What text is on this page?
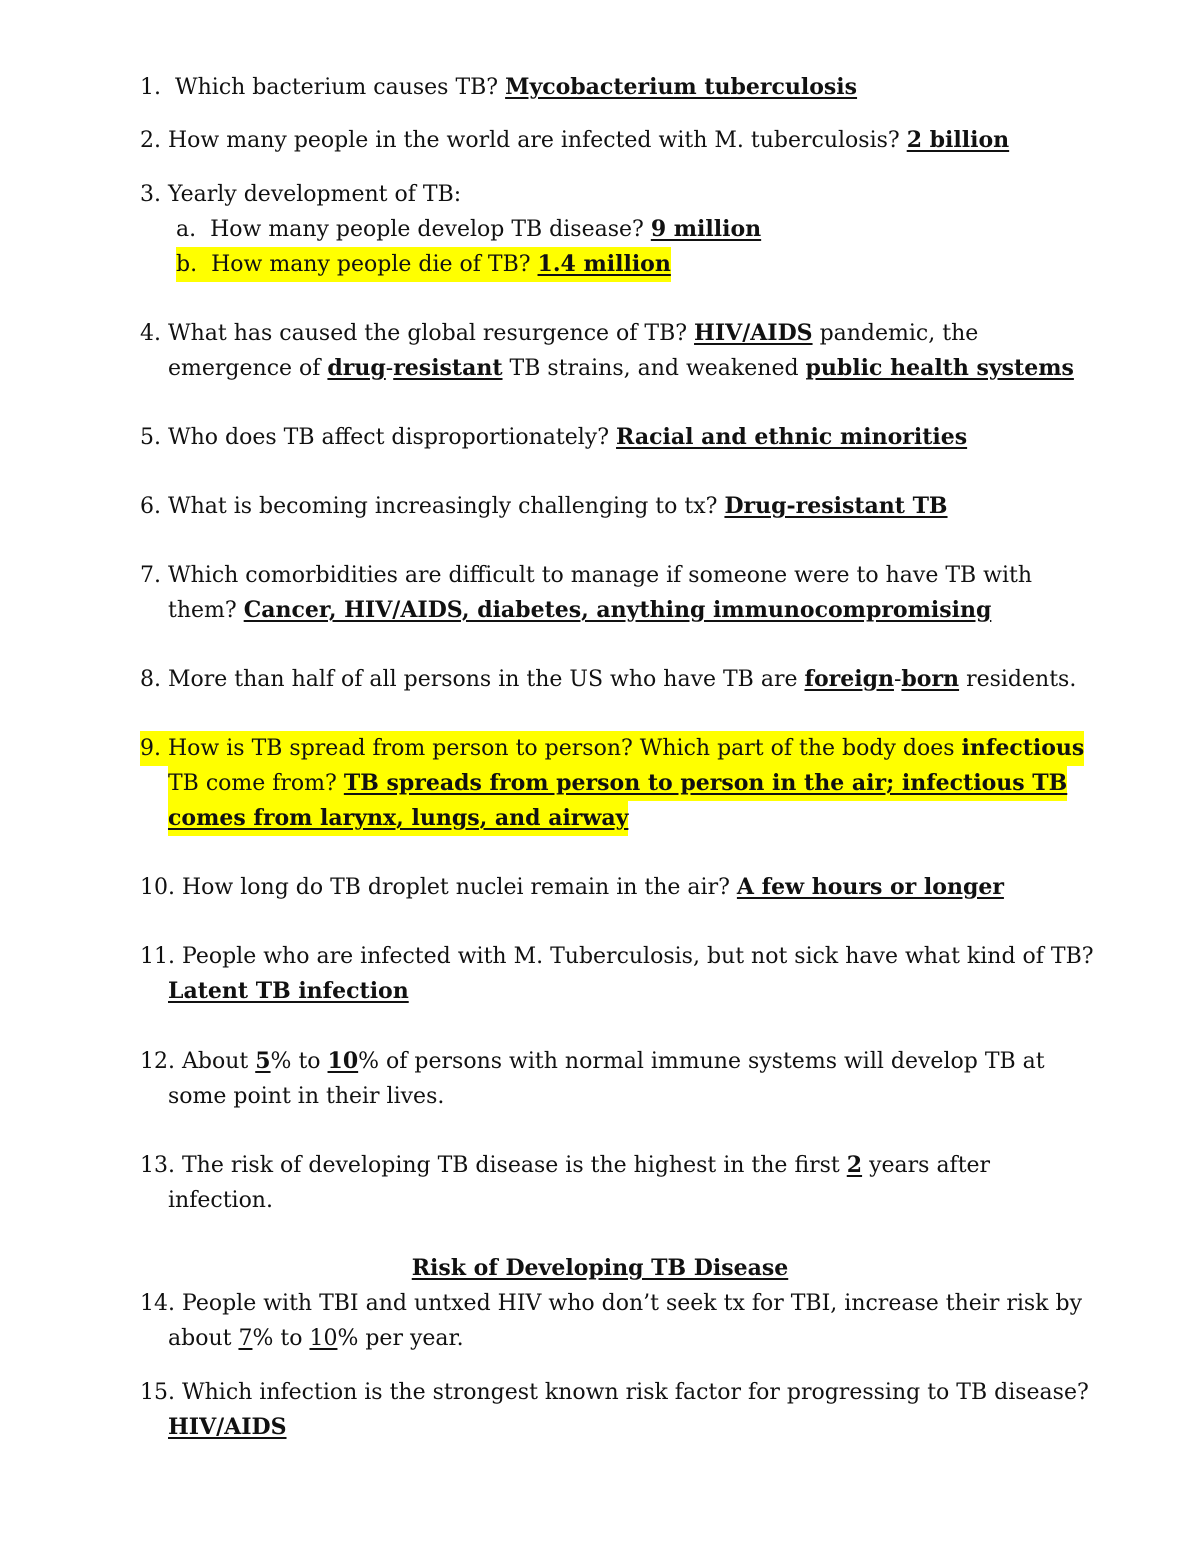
1. Which bacterium causes TB? Mycobacterium tuberculosis
2. How many people in the world are infected with M. tuberculosis? 2 billion
3. Yearly development of TB:
a. How many people develop TB disease? 9 million
b. How many people die of TB? 1.4 million
4. What has caused the global resurgence of TB? HIV/AIDS pandemic, the
emergence of drug-resistant TB strains, and weakened public health systems
5. Who does TB affect disproportionately? Racial and ethnic minorities
6. What is becoming increasingly challenging to tx? Drug-resistant TB
7. Which comorbidities are difficult to manage if someone were to have TB with
them? Cancer, HIV/AIDS, diabetes, anything immunocompromising
8. More than half of all persons in the US who have TB are foreign-born residents.
9. How is TB spread from person to person? Which part of the body does infectious
TB come from? TB spreads from person to person in the air; infectious TB
comes from larynx, lungs, and airway
10. How long do TB droplet nuclei remain in the air? A few hours or longer
11. People who are infected with M. Tuberculosis, but not sick have what kind of TB?
Latent TB infection
12. About 5% to 10% of persons with normal immune systems will develop TB at
some point in their lives.
13. The risk of developing TB disease is the highest in the first 2 years after
infection.
Risk of Developing TB Disease
14. People with TBI and untxed HIV who don’t seek tx for TBI, increase their risk by
about 7% to 10% per year.
15. Which infection is the strongest known risk factor for progressing to TB disease?
HIV/AIDS
